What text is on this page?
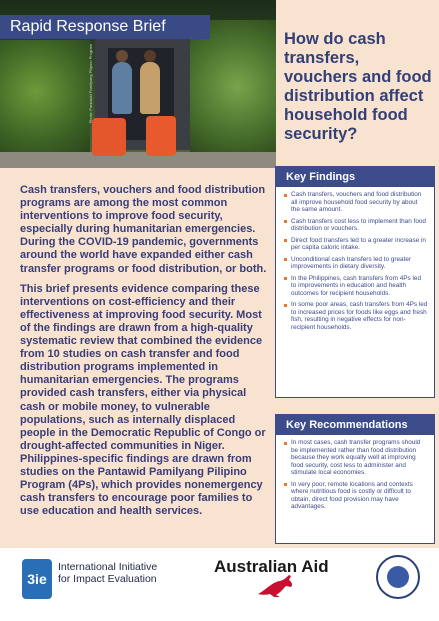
Rapid Response Brief
Photo: Pantawid Pamilyang Pilipino Program
How do cash transfers, vouchers and food distribution affect household food security?

Cash transfers, vouchers and food distribution programs are among the most common interventions to improve food security, especially during humanitarian emergencies. During the COVID-19 pandemic, governments around the world have expanded either cash transfer programs or food distribution, or both.

This brief presents evidence comparing these interventions on cost-efficiency and their effectiveness at improving food security. Most of the findings are drawn from a high-quality systematic review that combined the evidence from 10 studies on cash transfer and food distribution programs implemented in humanitarian emergencies. The programs provided cash transfers, either via physical cash or mobile money, to vulnerable populations, such as internally displaced people in the Democratic Republic of Congo or drought-affected communities in Niger. Philippines-specific findings are drawn from studies on the Pantawid Pamilyang Pilipino Program (4Ps), which provides nonemergency cash transfers to encourage poor families to use education and health services.

Key Findings
Cash transfers, vouchers and food distribution all improve household food security by about the same amount.
Cash transfers cost less to implement than food distribution or vouchers.
Direct food transfers led to a greater increase in per capita caloric intake.
Unconditional cash transfers led to greater improvements in dietary diversity.
In the Philippines, cash transfers from 4Ps led to improvements in education and health outcomes for recipient households.
In some poor areas, cash transfers from 4Ps led to increased prices for foods like eggs and fresh fish, resulting in negative effects for non-recipient households.
Key Recommendations
In most cases, cash transfer programs should be implemented rather than food distribution because they work equally well at improving food security, cost less to administer and stimulate local economies.
In very poor, remote locations and contexts where nutritious food is costly or difficult to obtain, direct food provision may have advantages.
3ie
International Initiative for Impact Evaluation
Australian Aid
